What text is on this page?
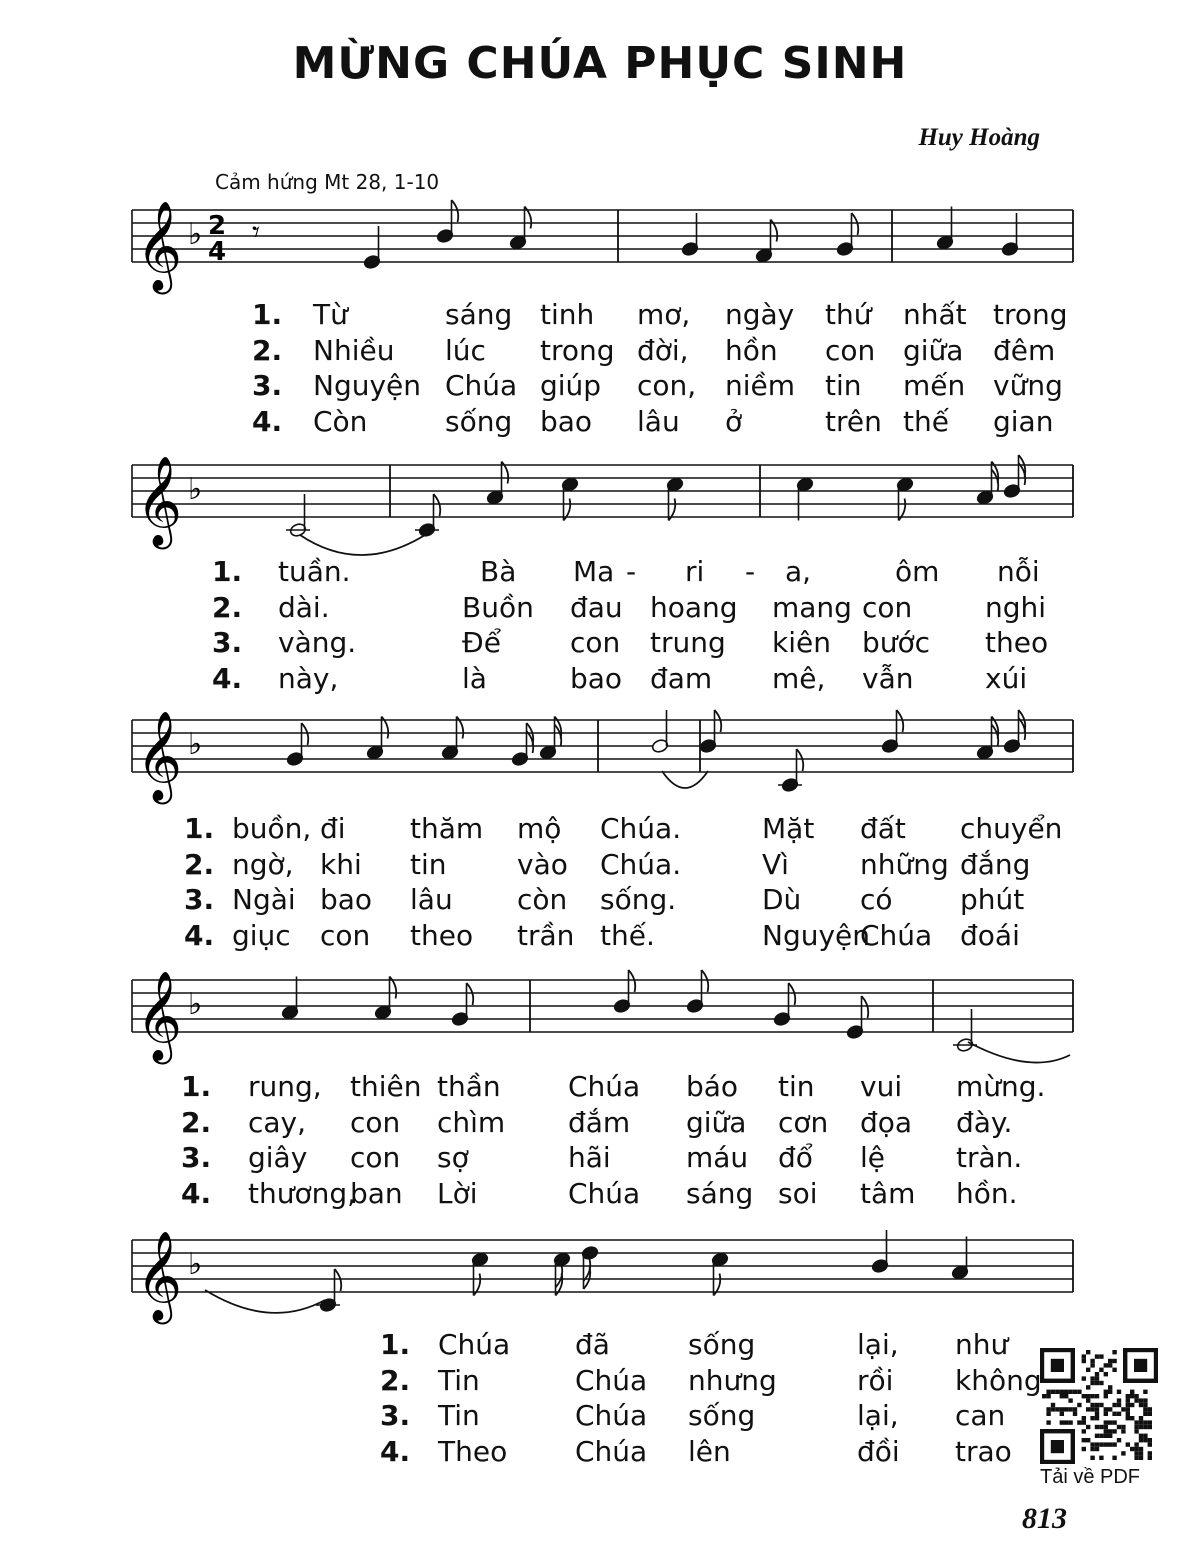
MỪNG CHÚA PHỤC SINH
Huy Hoàng
Cảm hứng Mt 28, 1-10
𝄞 ♭
𝄞 ♭
𝄞 ♭
𝄞 ♭
𝄞 ♭
2
4
𝄾
1. Từ	sáng tinh mơ, ngày thứ nhất trong
2. Nhiều lúc trong đời, hồn con giữa đêm
3. Nguyện Chúa giúp con, niềm tin mến vững
4. Còn	sống bao lâu ở	trên thế gian
1. tuần.	Bà Ma - ri - a,	ôm nỗi
2. dài.	Buồn đau hoang mang con	nghi
3. vàng.	Để con trung kiên bước theo
4. này,	là	bao đam mê, vẫn	xúi
1. buồn, đi thăm mộ Chúa.	Mặt đất chuyển
2. ngờ, khi tin	vào Chúa.	Vì	những đắng
3. Ngài bao lâu còn sống.	Dù có phút
4. giục con theo trần thế.	Nguyện
Chúa đoái
1. rung, thiên thần Chúa báo tin vui mừng.
2. cay, con chìm đắm giữa cơn đọa đày.
3. giây con sợ	hãi	máu đổ lệ	tràn.
4. thương,
ban Lời	Chúa sáng soi tâm hồn.
1. Chúa đã	sống	lại, như
2. Tin	Chúa nhưng	rồi không
3. Tin	Chúa sống	lại, can
4. Theo Chúa lên	đồi trao
Tải về PDF
813
